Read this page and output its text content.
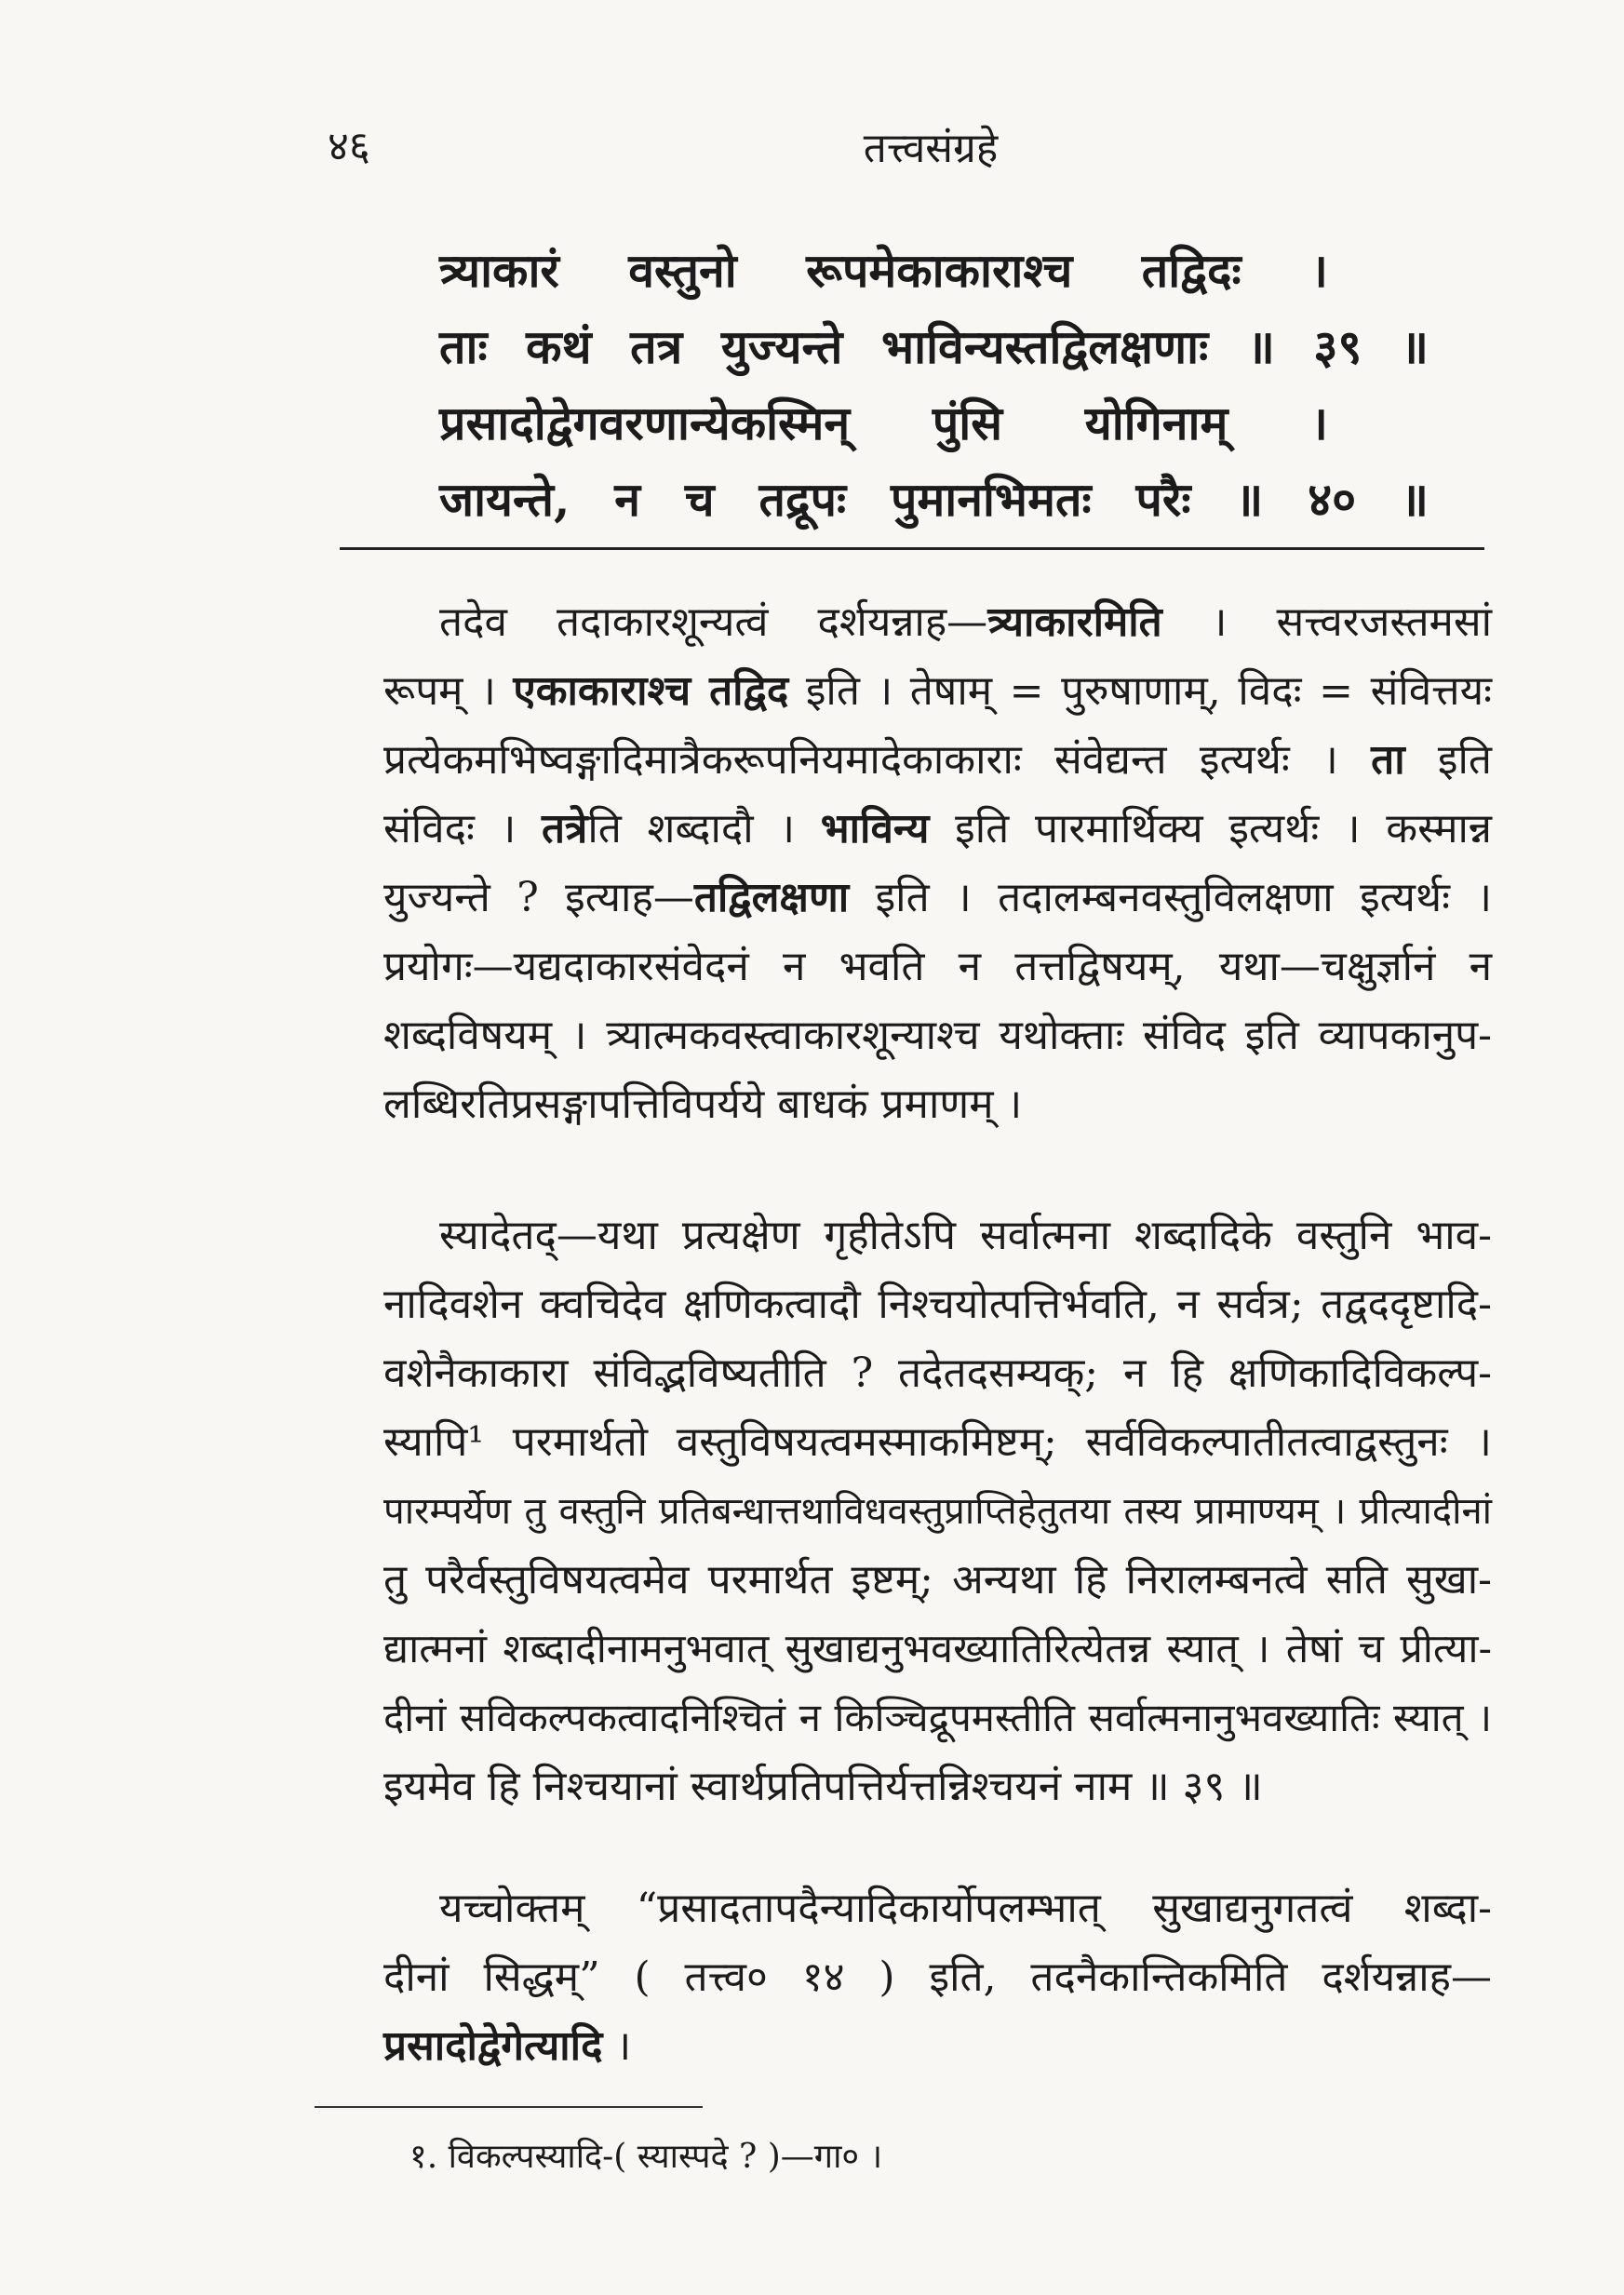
४६	तत्त्वसंग्रहे
त्र्याकारं वस्तुनो रूपमेकाकाराश्च तद्विदः ।
ताः कथं तत्र युज्यन्ते भाविन्यस्तद्विलक्षणाः ॥ ३९ ॥
प्रसादोद्वेगवरणान्येकस्मिन् पुंसि योगिनाम् ।
जायन्ते, न च तद्रूपः पुमानभिमतः परैः ॥ ४० ॥
तदेव तदाकारशून्यत्वं दर्शयन्नाह—त्र्याकारमिति । सत्त्वरजस्तमसां
रूपम् । एकाकाराश्च तद्विद इति । तेषाम् = पुरुषाणाम्, विदः = संवित्तयः
प्रत्येकमभिष्वङ्गादिमात्रैकरूपनियमादेकाकाराः संवेद्यन्त इत्यर्थः । ता इति
संविदः । तत्रेति शब्दादौ । भाविन्य इति पारमार्थिक्य इत्यर्थः । कस्मान्न
युज्यन्ते ? इत्याह—तद्विलक्षणा इति । तदालम्बनवस्तुविलक्षणा इत्यर्थः ।
प्रयोगः—यद्यदाकारसंवेदनं न भवति न तत्तद्विषयम्, यथा—चक्षुर्ज्ञानं न
शब्दविषयम् । त्र्यात्मकवस्त्वाकारशून्याश्च यथोक्ताः संविद इति व्यापकानुप-
लब्धिरतिप्रसङ्गापत्तिविपर्यये बाधकं प्रमाणम् ।
स्यादेतद्—यथा प्रत्यक्षेण गृहीतेऽपि सर्वात्मना शब्दादिके वस्तुनि भाव-
नादिवशेन क्वचिदेव क्षणिकत्वादौ निश्चयोत्पत्तिर्भवति, न सर्वत्र; तद्वददृष्टादि-
वशेनैकाकारा संविद्भविष्यतीति ? तदेतदसम्यक्; न हि क्षणिकादिविकल्प-
स्यापि¹ परमार्थतो वस्तुविषयत्वमस्माकमिष्टम्; सर्वविकल्पातीतत्वाद्वस्तुनः ।
पारम्पर्येण तु वस्तुनि प्रतिबन्धात्तथाविधवस्तुप्राप्तिहेतुतया तस्य प्रामाण्यम् । प्रीत्यादीनां
तु परैर्वस्तुविषयत्वमेव परमार्थत इष्टम्; अन्यथा हि निरालम्बनत्वे सति सुखा-
द्यात्मनां शब्दादीनामनुभवात् सुखाद्यनुभवख्यातिरित्येतन्न स्यात् । तेषां च प्रीत्या-
दीनां सविकल्पकत्वादनिश्चितं न किञ्चिद्रूपमस्तीति सर्वात्मनानुभवख्यातिः स्यात् ।
इयमेव हि निश्चयानां स्वार्थप्रतिपत्तिर्यत्तन्निश्चयनं नाम ॥ ३९ ॥
यच्चोक्तम् “प्रसादतापदैन्यादिकार्योपलम्भात् सुखाद्यनुगतत्वं शब्दा-
दीनां सिद्धम्” ( तत्त्व० १४ ) इति, तदनैकान्तिकमिति दर्शयन्नाह—
प्रसादोद्वेगेत्यादि ।
१. विकल्पस्यादि-( स्यास्पदे ? )—गा० ।
